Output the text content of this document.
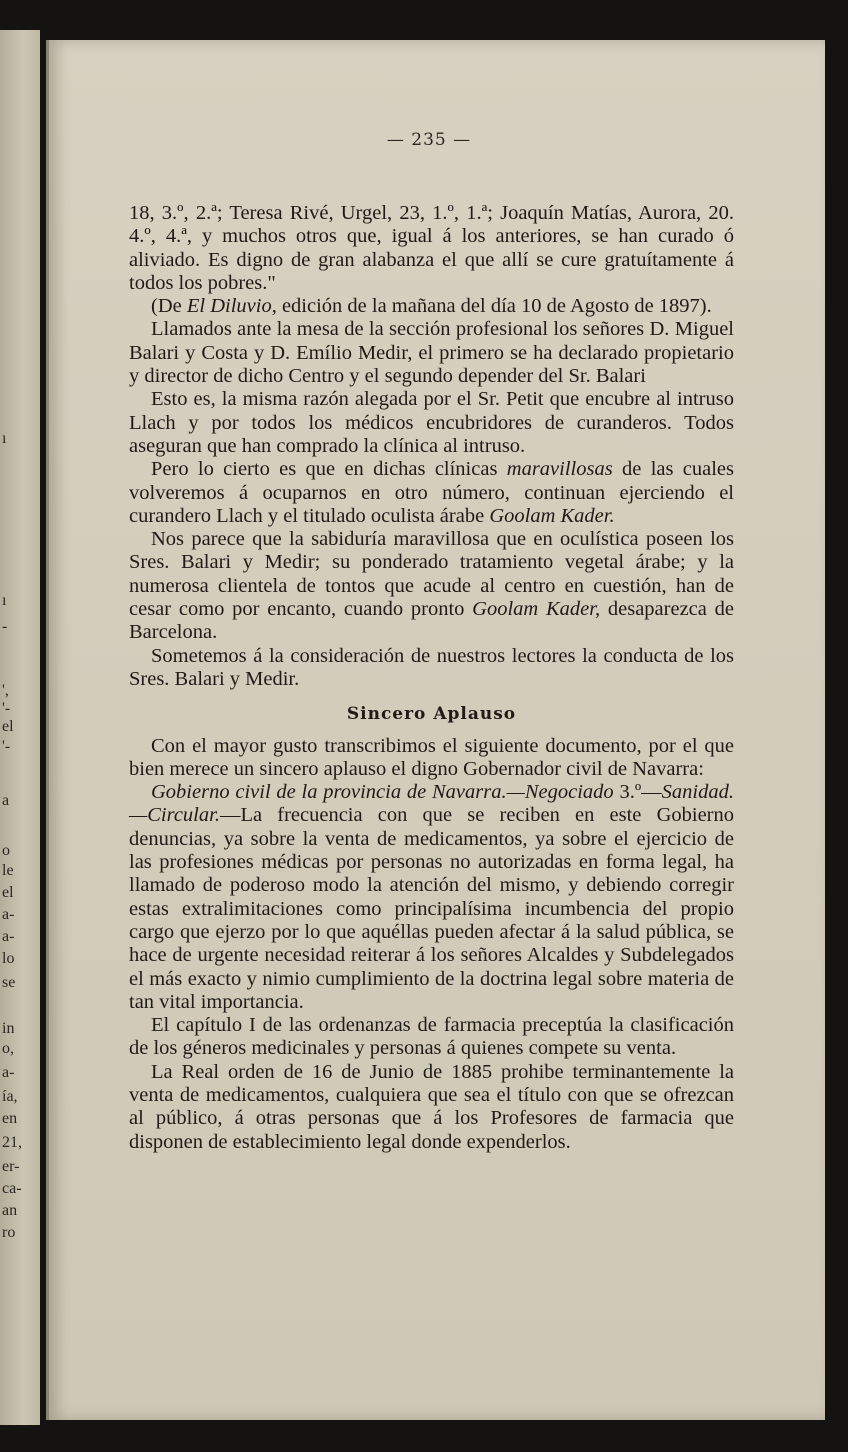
ı
ı
-
',
'-
el
'-
a
o
le
el
a-
a-
lo
se
in
o,
a-
ía,
en
21,
er-
ca-
an
ro
— 235 —

18, 3.º, 2.ª; Teresa Rivé, Urgel, 23, 1.º, 1.ª; Joaquín Matías, Aurora, 20. 4.º, 4.ª, y muchos otros que, igual á los anteriores, se han curado ó aliviado. Es digno de gran alabanza el que allí se cure gratuítamente á todos los pobres."

(De El Diluvio, edición de la mañana del día 10 de Agosto de 1897).

Llamados ante la mesa de la sección profesional los señores D. Miguel Balari y Costa y D. Emílio Medir, el primero se ha declarado propietario y director de dicho Centro y el segundo depender del Sr. Balari

Esto es, la misma razón alegada por el Sr. Petit que encubre al intruso Llach y por todos los médicos encubridores de curanderos. Todos aseguran que han comprado la clínica al intruso.

Pero lo cierto es que en dichas clínicas maravillosas de las cuales volveremos á ocuparnos en otro número, continuan ejerciendo el curandero Llach y el titulado oculista árabe Goolam Kader.

Nos parece que la sabiduría maravillosa que en oculística poseen los Sres. Balari y Medir; su ponderado tratamiento vegetal árabe; y la numerosa clientela de tontos que acude al centro en cuestión, han de cesar como por encanto, cuando pronto Goolam Kader, desaparezca de Barcelona.

Sometemos á la consideración de nuestros lectores la conducta de los Sres. Balari y Medir.

Sincero Aplauso

Con el mayor gusto transcribimos el siguiente documento, por el que bien merece un sincero aplauso el digno Gobernador civil de Navarra:

Gobierno civil de la provincia de Navarra.—Negociado 3.º—Sanidad.—Circular.—La frecuencia con que se reciben en este Gobierno denuncias, ya sobre la venta de medicamentos, ya sobre el ejercicio de las profesiones médicas por personas no autorizadas en forma legal, ha llamado de poderoso modo la atención del mismo, y debiendo corregir estas extralimitaciones como principalísima incumbencia del propio cargo que ejerzo por lo que aquéllas pueden afectar á la salud pública, se hace de urgente necesidad reiterar á los señores Alcaldes y Subdelegados el más exacto y nimio cumplimiento de la doctrina legal sobre materia de tan vital importancia.

El capítulo I de las ordenanzas de farmacia preceptúa la clasificación de los géneros medicinales y personas á quienes compete su venta.

La Real orden de 16 de Junio de 1885 prohibe terminantemente la venta de medicamentos, cualquiera que sea el título con que se ofrezcan al público, á otras personas que á los Profesores de farmacia que disponen de establecimiento legal donde expenderlos.
